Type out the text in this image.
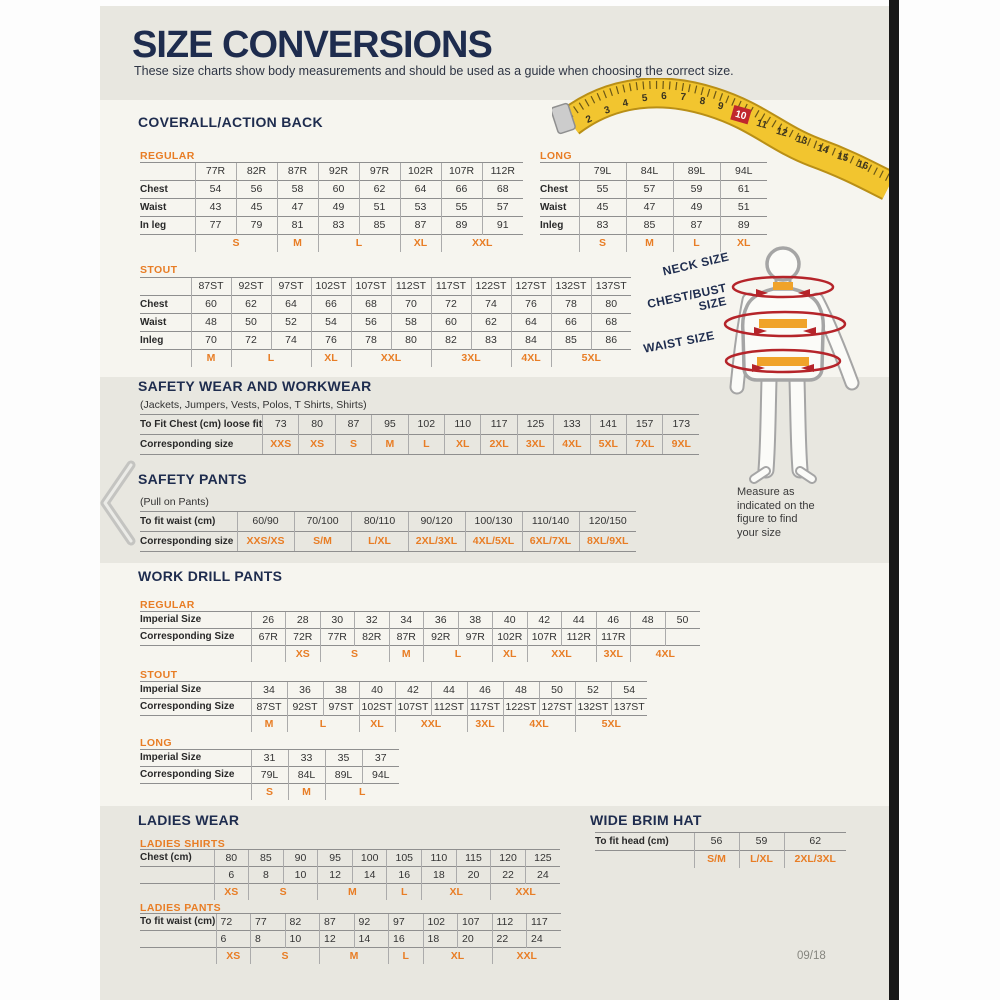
2
3
4 5 6 7 8 9
10
11
12
13
14
15
16
SIZE CONVERSIONS
These size charts show body measurements and should be used as a guide when choosing the correct size.
COVERALL/ACTION BACK
REGULAR	LONG
STOUT
SAFETY WEAR AND WORKWEAR
(Jackets, Jumpers, Vests, Polos, T Shirts, Shirts)
SAFETY PANTS
(Pull on Pants)
WORK DRILL PANTS
REGULAR
STOUT
LONG
LADIES WEAR
LADIES SHIRTS
LADIES PANTS
WIDE BRIM HAT
09/18
	77R	82R	87R	92R	97R	102R	107R	112R
Chest	54	56	58	60	62	64	66	68
Waist	43	45	47	49	51	53	55	57
In leg	77	79	81	83	85	87	89	91
	S		M	L		XL	XXL	
	79L	84L	89L	94L
Chest	55	57	59	61
Waist	45	47	49	51
Inleg	83	85	87	89
	S	M	L	XL
	87ST	92ST	97ST	102ST	107ST	112ST	117ST	122ST	127ST	132ST	137ST
Chest	60	62	64	66	68	70	72	74	76	78	80
Waist	48	50	52	54	56	58	60	62	64	66	68
Inleg	70	72	74	76	78	80	82	83	84	85	86
	M	L		XL	XXL		3XL		4XL	5XL	
To Fit Chest (cm) loose fit	73	80	87	95	102	110	117	125	133	141	157	173
Corresponding size	XXS	XS	S	M	L	XL	2XL	3XL	4XL	5XL	7XL	9XL
To fit waist (cm)	60/90	70/100	80/110	90/120	100/130	110/140	120/150
Corresponding size	XXS/XS	S/M	L/XL	2XL/3XL	4XL/5XL	6XL/7XL	8XL/9XL
Imperial Size	26	28	30	32	34	36	38	40	42	44	46	48	50
Corresponding Size	67R	72R	77R	82R	87R	92R	97R	102R	107R	112R	117R		
		XS	S		M	L		XL	XXL		3XL	4XL	
Imperial Size	34	36	38	40	42	44	46	48	50	52	54
Corresponding Size	87ST	92ST	97ST	102ST	107ST	112ST	117ST	122ST	127ST	132ST	137ST
	M	L		XL	XXL		3XL	4XL		5XL	
Imperial Size	31	33	35	37
Corresponding Size	79L	84L	89L	94L
	S	M	L	
Chest (cm)	80	85	90	95	100	105	110	115	120	125
	6	8	10	12	14	16	18	20	22	24
	XS	S		M		L	XL		XXL	
To fit waist (cm)	72	77	82	87	92	97	102	107	112	117
	6	8	10	12	14	16	18	20	22	24
	XS	S		M		L	XL		XXL	
To fit head (cm)	56	59	62
	S/M	L/XL	2XL/3XL
NECK SIZE
CHEST/BUST SIZE
WAIST SIZE
Measure as indicated on the figure to find your size
